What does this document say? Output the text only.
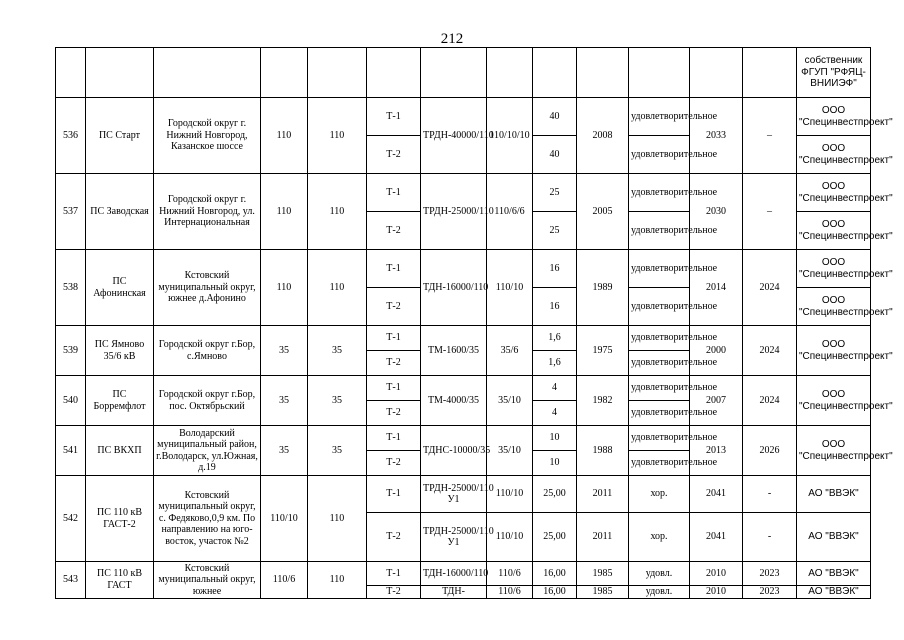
212
													собственник ФГУП "РФЯЦ-ВНИИЭФ"
536	ПС Старт	Городской округ г. Нижний Новгород, Казанское шоссе	110	110	Т-1	ТРДН-40000/110	110/10/10	40	2008	удовлетворительное	2033	–	ООО "Специнвестпроект"
					Т-2			40		удовлетворительное			ООО "Специнвестпроект"
537	ПС Заводская	Городской округ г. Нижний Новгород, ул. Интернациональная	110	110	Т-1	ТРДН-25000/110	110/6/6	25	2005	удовлетворительное	2030	–	ООО "Специнвестпроект"
					Т-2			25		удовлетворительное			ООО "Специнвестпроект"
538	ПС Афонинская	Кстовский муниципальный округ, южнее д.Афонино	110	110	Т-1	ТДН-16000/110	110/10	16	1989	удовлетворительное	2014	2024	ООО "Специнвестпроект"
					Т-2			16		удовлетворительное			ООО "Специнвестпроект"
539	ПС Ямново 35/6 кВ	Городской округ г.Бор, с.Ямново	35	35	Т-1	ТМ-1600/35	35/6	1,6	1975	удовлетворительное	2000	2024	ООО "Специнвестпроект"
					Т-2			1,6		удовлетворительное			
540	ПС Борремфлот	Городской округ г.Бор, пос. Октябрьский	35	35	Т-1	ТМ-4000/35	35/10	4	1982	удовлетворительное	2007	2024	ООО "Специнвестпроект"
					Т-2			4		удовлетворительное			
541	ПС ВКХП	Володарский муниципальный район, г.Володарск, ул.Южная, д.19	35	35	Т-1	ТДНС-10000/35	35/10	10	1988	удовлетворительное	2013	2026	ООО "Специнвестпроект"
					Т-2			10		удовлетворительное			
542	ПС 110 кВ ГАСТ-2	Кстовский муниципальный округ, с. Федяково,0,9 км. По направлению на юго-восток, участок №2	110/10	110	Т-1	ТРДН-25000/110 У1	110/10	25,00	2011	хор.	2041	-	АО "ВВЭК"
					Т-2	ТРДН-25000/110 У1	110/10	25,00	2011	хор.	2041	-	АО "ВВЭК"
543	ПС 110 кВ ГАСТ	Кстовский муниципальный округ, южнее	110/6	110	Т-1	ТДН-16000/110	110/6	16,00	1985	удовл.	2010	2023	АО "ВВЭК"
					Т-2	ТДН-	110/6	16,00	1985	удовл.	2010	2023	АО "ВВЭК"
